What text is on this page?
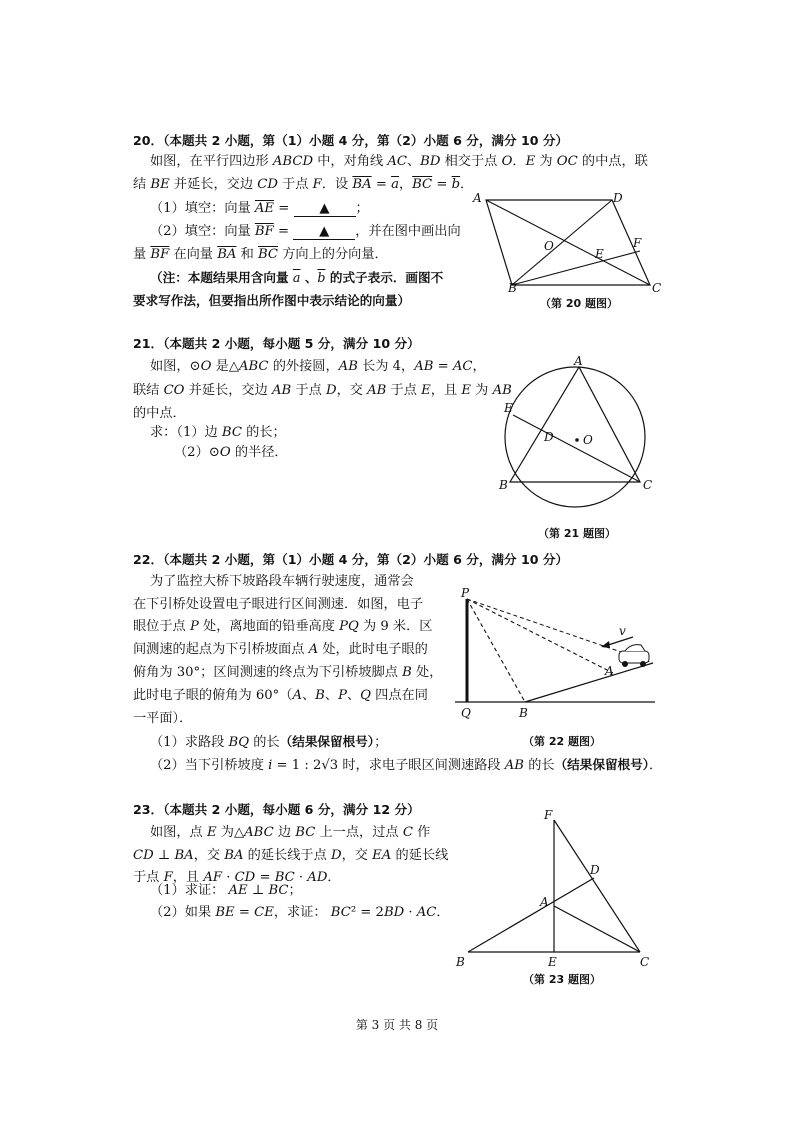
20．（本题共 2 小题，第（1）小题 4 分，第（2）小题 6 分，满分 10 分）
如图，在平行四边形 ABCD 中，对角线 AC、BD 相交于点 O．E 为 OC 的中点，联
结 BE 并延长，交边 CD 于点 F．设 $\overline{BA} = \overline{a}$，$\overline{BC} = \overline{b}$．
（1）填空：向量 $\overline{AE}$ = ▲ ；
（2）填空：向量 $\overline{BF}$ = ▲ ，并在图中画出向
量 $\overline{BF}$ 在向量 $\overline{BA}$ 和 $\overline{BC}$ 方向上的分向量．
（注：本题结果用含向量 $\overline{a}$ 、$\overline{b}$ 的式子表示．画图不
要求写作法，但要指出所作图中表示结论的向量）
A	D
B	C
O
E
F
（第 20 题图）
21．（本题共 2 小题，每小题 5 分，满分 10 分）
如图，⊙O 是△ABC 的外接圆，AB 长为 4，AB = AC，
联结 CO 并延长，交边 AB 于点 D，交 AB 于点 E，且 E 为 AB
的中点．
求：（1）边 BC 的长；
（2）⊙O 的半径．
A
B	C
E
D O
（第 21 题图）
22．（本题共 2 小题，第（1）小题 4 分，第（2）小题 6 分，满分 10 分）
为了监控大桥下坡路段车辆行驶速度，通常会
在下引桥处设置电子眼进行区间测速．如图，电子
眼位于点 P 处，离地面的铅垂高度 PQ 为 9 米．区
间测速的起点为下引桥坡面点 A 处，此时电子眼的
俯角为 30°；区间测速的终点为下引桥坡脚点 B 处，
此时电子眼的俯角为 60°（A、B、P、Q 四点在同
一平面）．
（1）求路段 BQ 的长（结果保留根号）；
（2）当下引桥坡度 i = 1 : 2√3 时，求电子眼区间测速路段 AB 的长（结果保留根号）．
v
P
Q	B
A
（第 22 题图）
23．（本题共 2 小题，每小题 6 分，满分 12 分）
如图，点 E 为△ABC 边 BC 上一点，过点 C 作
CD ⊥ BA，交 BA 的延长线于点 D，交 EA 的延长线
于点 F，且 AF · CD = BC · AD．
（1）求证： AE ⊥ BC；
（2）如果 BE = CE，求证： BC² = 2BD · AC．
F
D
A
B	E	C
（第 23 题图）
第 3 页 共 8 页
